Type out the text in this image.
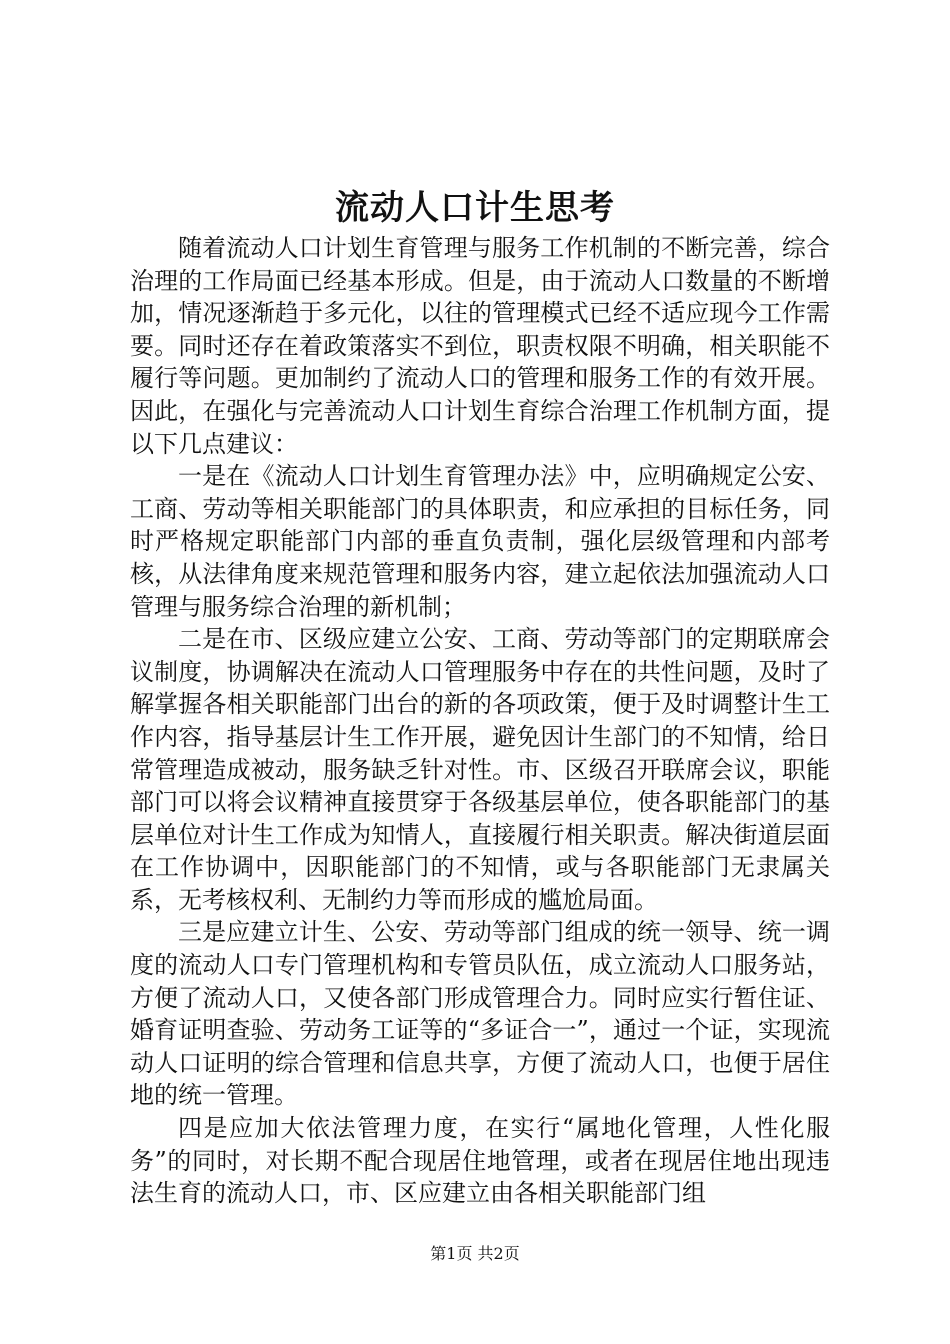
流动人口计生思考

随着流动人口计划生育管理与服务工作机制的不断完善，综合治理的工作局面已经基本形成。但是，由于流动人口数量的不断增加，情况逐渐趋于多元化，以往的管理模式已经不适应现今工作需要。同时还存在着政策落实不到位，职责权限不明确，相关职能不履行等问题。更加制约了流动人口的管理和服务工作的有效开展。因此，在强化与完善流动人口计划生育综合治理工作机制方面，提以下几点建议：

一是在《流动人口计划生育管理办法》中，应明确规定公安、工商、劳动等相关职能部门的具体职责，和应承担的目标任务，同时严格规定职能部门内部的垂直负责制，强化层级管理和内部考核，从法律角度来规范管理和服务内容，建立起依法加强流动人口管理与服务综合治理的新机制；

二是在市、区级应建立公安、工商、劳动等部门的定期联席会议制度，协调解决在流动人口管理服务中存在的共性问题，及时了解掌握各相关职能部门出台的新的各项政策，便于及时调整计生工作内容，指导基层计生工作开展，避免因计生部门的不知情，给日常管理造成被动，服务缺乏针对性。市、区级召开联席会议，职能部门可以将会议精神直接贯穿于各级基层单位，使各职能部门的基层单位对计生工作成为知情人，直接履行相关职责。解决街道层面在工作协调中，因职能部门的不知情，或与各职能部门无隶属关系，无考核权利、无制约力等而形成的尴尬局面。

三是应建立计生、公安、劳动等部门组成的统一领导、统一调度的流动人口专门管理机构和专管员队伍，成立流动人口服务站，方便了流动人口，又使各部门形成管理合力。同时应实行暂住证、婚育证明查验、劳动务工证等的“多证合一”，通过一个证，实现流动人口证明的综合管理和信息共享，方便了流动人口，也便于居住地的统一管理。

四是应加大依法管理力度，在实行“属地化管理，人性化服务”的同时，对长期不配合现居住地管理，或者在现居住地出现违法生育的流动人口，市、区应建立由各相关职能部门组

第1页 共2页
